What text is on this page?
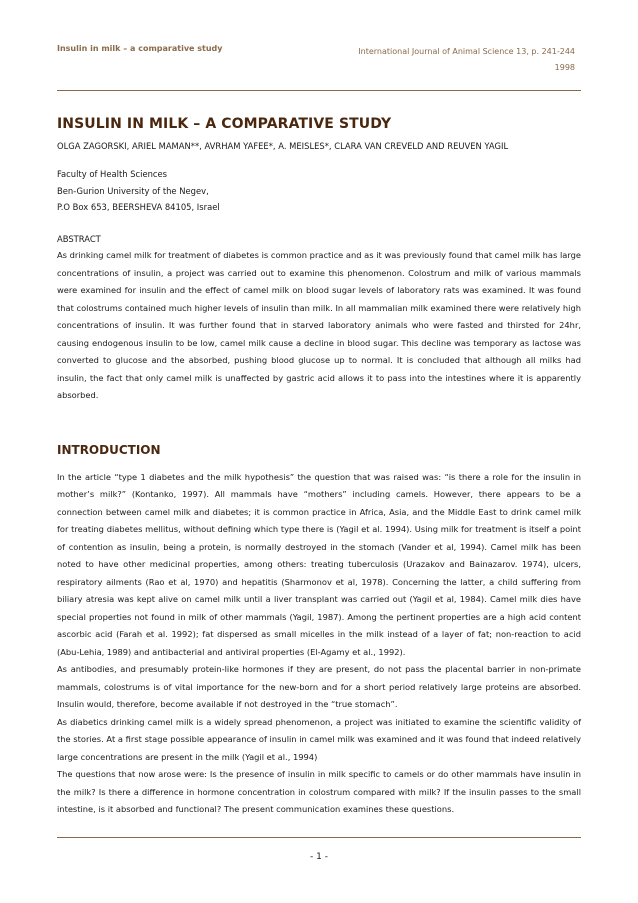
Insulin in milk – a comparative study	International Journal of Animal Science 13, p. 241-244
1998
INSULIN IN MILK – A COMPARATIVE STUDY
OLGA ZAGORSKI, ARIEL MAMAN**, AVRHAM YAFEE*, A. MEISLES*, CLARA VAN CREVELD AND REUVEN YAGIL
Faculty of Health Sciences
Ben-Gurion University of the Negev,
P.O Box 653, BEERSHEVA 84105, Israel
ABSTRACT

As drinking camel milk for treatment of diabetes is common practice and as it was previously found that camel milk has large concentrations of insulin, a project was carried out to examine this phenomenon. Colostrum and milk of various mammals were examined for insulin and the effect of camel milk on blood sugar levels of laboratory rats was examined. It was found that colostrums contained much higher levels of insulin than milk. In all mammalian milk examined there were relatively high concentrations of insulin. It was further found that in starved laboratory animals who were fasted and thirsted for 24hr, causing endogenous insulin to be low, camel milk cause a decline in blood sugar. This decline was temporary as lactose was converted to glucose and the absorbed, pushing blood glucose up to normal. It is concluded that although all milks had insulin, the fact that only camel milk is unaffected by gastric acid allows it to pass into the intestines where it is apparently absorbed.

INTRODUCTION

In the article “type 1 diabetes and the milk hypothesis” the question that was raised was: “is there a role for the insulin in mother’s milk?” (Kontanko, 1997). All mammals have “mothers” including camels. However, there appears to be a connection between camel milk and diabetes; it is common practice in Africa, Asia, and the Middle East to drink camel milk for treating diabetes mellitus, without defining which type there is (Yagil et al. 1994). Using milk for treatment is itself a point of contention as insulin, being a protein, is normally destroyed in the stomach (Vander et al, 1994). Camel milk has been noted to have other medicinal properties, among others: treating tuberculosis (Urazakov and Bainazarov. 1974), ulcers, respiratory ailments (Rao et al, 1970) and hepatitis (Sharmonov et al, 1978). Concerning the latter, a child suffering from biliary atresia was kept alive on camel milk until a liver transplant was carried out (Yagil et al, 1984). Camel milk dies have special properties not found in milk of other mammals (Yagil, 1987). Among the pertinent properties are a high acid content ascorbic acid (Farah et al. 1992); fat dispersed as small micelles in the milk instead of a layer of fat; non-reaction to acid (Abu-Lehia, 1989) and antibacterial and antiviral properties (El-Agamy et al., 1992).

As antibodies, and presumably protein-like hormones if they are present, do not pass the placental barrier in non-primate mammals, colostrums is of vital importance for the new-born and for a short period relatively large proteins are absorbed. Insulin would, therefore, become available if not destroyed in the “true stomach”.

As diabetics drinking camel milk is a widely spread phenomenon, a project was initiated to examine the scientific validity of the stories. At a first stage possible appearance of insulin in camel milk was examined and it was found that indeed relatively large concentrations are present in the milk (Yagil et al., 1994)

The questions that now arose were: Is the presence of insulin in milk specific to camels or do other mammals have insulin in the milk? Is there a difference in hormone concentration in colostrum compared with milk? If the insulin passes to the small intestine, is it absorbed and functional? The present communication examines these questions.

- 1 -
